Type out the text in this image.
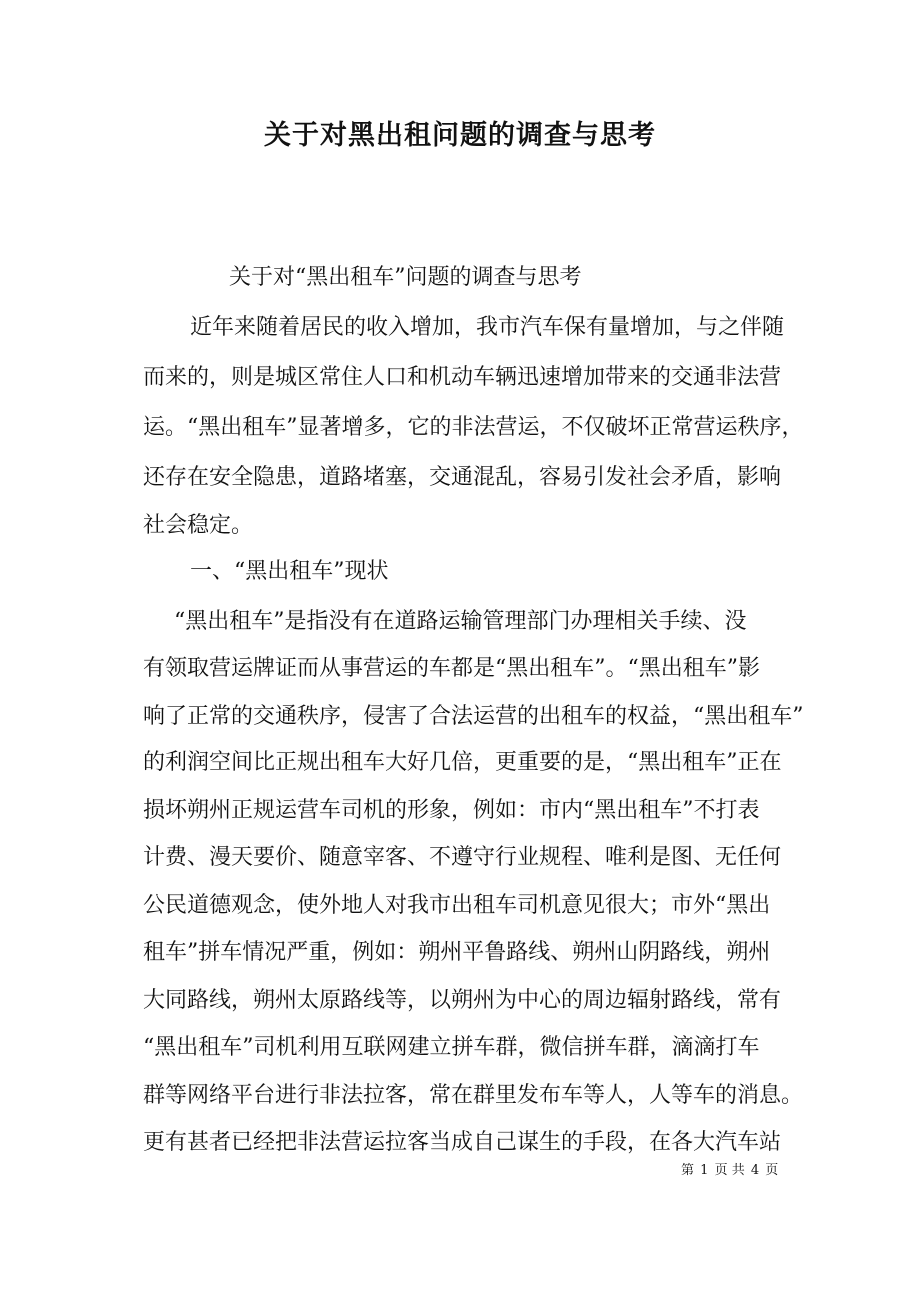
关于对黑出租问题的调查与思考

关于对“黑出租车”问题的调查与思考

近年来随着居民的收入增加，我市汽车保有量增加，与之伴随

而来的，则是城区常住人口和机动车辆迅速增加带来的交通非法营

运。“黑出租车”显著增多，它的非法营运，不仅破坏正常营运秩序，

还存在安全隐患，道路堵塞，交通混乱，容易引发社会矛盾，影响

社会稳定。

一、“黑出租车”现状

“黑出租车”是指没有在道路运输管理部门办理相关手续、没

有领取营运牌证而从事营运的车都是“黑出租车”。“黑出租车”影

响了正常的交通秩序，侵害了合法运营的出租车的权益，“黑出租车”

的利润空间比正规出租车大好几倍，更重要的是，“黑出租车”正在

损坏朔州正规运营车司机的形象，例如：市内“黑出租车”不打表

计费、漫天要价、随意宰客、不遵守行业规程、唯利是图、无任何

公民道德观念，使外地人对我市出租车司机意见很大；市外“黑出

租车”拼车情况严重，例如：朔州平鲁路线、朔州山阴路线，朔州

大同路线，朔州太原路线等，以朔州为中心的周边辐射路线，常有

“黑出租车”司机利用互联网建立拼车群，微信拼车群，滴滴打车

群等网络平台进行非法拉客，常在群里发布车等人，人等车的消息。

更有甚者已经把非法营运拉客当成自己谋生的手段，在各大汽车站

第 1 页 共 4 页
